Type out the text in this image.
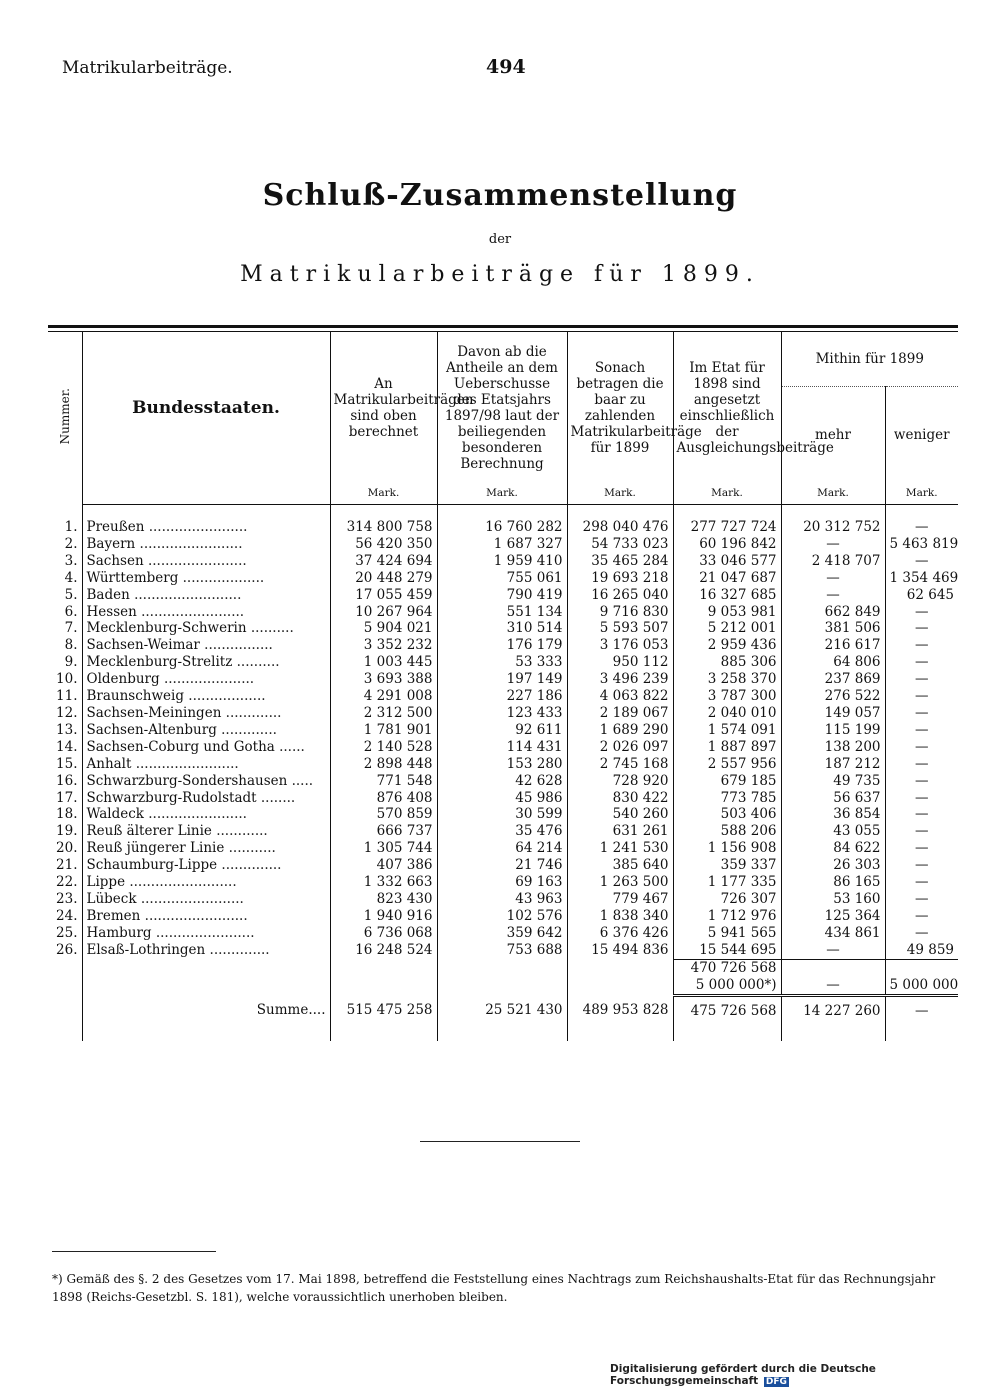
Matrikularbeiträge.	494
Schluß-Zusammenstellung
der
Matrikularbeiträge für 1899.
Nummer.	Bundesstaaten.	An Matrikularbeiträgen sind oben berechnet	Davon ab die Antheile an dem Ueberschusse des Etatsjahrs 1897/98 laut der beiliegenden besonderen Berechnung	Sonach betragen die baar zu zahlenden Matrikularbeiträge für 1899	Im Etat für 1898 sind angesetzt einschließlich der Ausgleichungsbeiträge	Mithin für 1899	
						mehr	weniger
		Mark.	Mark.	Mark.	Mark.	Mark.	Mark.
1.	Preußen .......................	314 800 758	16 760 282	298 040 476	277 727 724	20 312 752	—
2.	Bayern ........................	56 420 350	1 687 327	54 733 023	60 196 842	—	5 463 819
3.	Sachsen .......................	37 424 694	1 959 410	35 465 284	33 046 577	2 418 707	—
4.	Württemberg ...................	20 448 279	755 061	19 693 218	21 047 687	—	1 354 469
5.	Baden .........................	17 055 459	790 419	16 265 040	16 327 685	—	62 645
6.	Hessen ........................	10 267 964	551 134	9 716 830	9 053 981	662 849	—
7.	Mecklenburg-Schwerin ..........	5 904 021	310 514	5 593 507	5 212 001	381 506	—
8.	Sachsen-Weimar ................	3 352 232	176 179	3 176 053	2 959 436	216 617	—
9.	Mecklenburg-Strelitz ..........	1 003 445	53 333	950 112	885 306	64 806	—
10.	Oldenburg .....................	3 693 388	197 149	3 496 239	3 258 370	237 869	—
11.	Braunschweig ..................	4 291 008	227 186	4 063 822	3 787 300	276 522	—
12.	Sachsen-Meiningen .............	2 312 500	123 433	2 189 067	2 040 010	149 057	—
13.	Sachsen-Altenburg .............	1 781 901	92 611	1 689 290	1 574 091	115 199	—
14.	Sachsen-Coburg und Gotha ......	2 140 528	114 431	2 026 097	1 887 897	138 200	—
15.	Anhalt ........................	2 898 448	153 280	2 745 168	2 557 956	187 212	—
16.	Schwarzburg-Sondershausen .....	771 548	42 628	728 920	679 185	49 735	—
17.	Schwarzburg-Rudolstadt ........	876 408	45 986	830 422	773 785	56 637	—
18.	Waldeck .......................	570 859	30 599	540 260	503 406	36 854	—
19.	Reuß älterer Linie ............	666 737	35 476	631 261	588 206	43 055	—
20.	Reuß jüngerer Linie ...........	1 305 744	64 214	1 241 530	1 156 908	84 622	—
21.	Schaumburg-Lippe ..............	407 386	21 746	385 640	359 337	26 303	—
22.	Lippe .........................	1 332 663	69 163	1 263 500	1 177 335	86 165	—
23.	Lübeck ........................	823 430	43 963	779 467	726 307	53 160	—
24.	Bremen ........................	1 940 916	102 576	1 838 340	1 712 976	125 364	—
25.	Hamburg .......................	6 736 068	359 642	6 376 426	5 941 565	434 861	—
26.	Elsaß-Lothringen ..............	16 248 524	753 688	15 494 836	15 544 695	—	49 859
					470 726 568		
					5 000 000*)	—	5 000 000
	Summe....	515 475 258	25 521 430	489 953 828	475 726 568	14 227 260	—
*) Gemäß des §. 2 des Gesetzes vom 17. Mai 1898, betreffend die Feststellung eines Nachtrags zum Reichshaushalts-Etat für das Rechnungsjahr 1898 (Reichs-Gesetzbl. S. 181), welche voraussichtlich unerhoben bleiben.
Digitalisierung gefördert durch die Deutsche Forschungsgemeinschaft DFG
